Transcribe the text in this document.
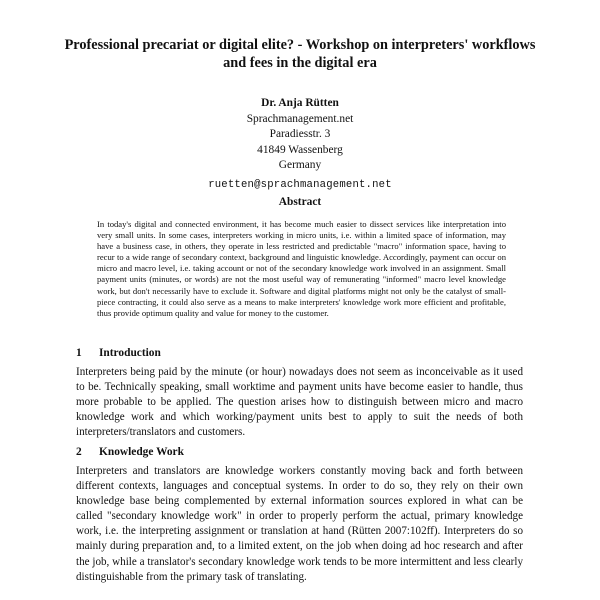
Professional precariat or digital elite? - Workshop on interpreters' workflows and fees in the digital era
Dr. Anja Rütten
Sprachmanagement.net
Paradiesstr. 3
41849 Wassenberg
Germany
ruetten@sprachmanagement.net
Abstract
In today's digital and connected environment, it has become much easier to dissect services like interpretation into very small units. In some cases, interpreters working in micro units, i.e. within a limited space of information, may have a business case, in others, they operate in less restricted and predictable "macro" information space, having to recur to a wide range of secondary context, background and linguistic knowledge. Accordingly, payment can occur on micro and macro level, i.e. taking account or not of the secondary knowledge work involved in an assignment. Small payment units (minutes, or words) are not the most useful way of remunerating "informed" macro level knowledge work, but don't necessarily have to exclude it. Software and digital platforms might not only be the catalyst of small-piece contracting, it could also serve as a means to make interpreters' knowledge work more efficient and profitable, thus provide optimum quality and value for money to the customer.
1 Introduction
Interpreters being paid by the minute (or hour) nowadays does not seem as inconceivable as it used to be. Technically speaking, small worktime and payment units have become easier to handle, thus more probable to be applied. The question arises how to distinguish between micro and macro knowledge work and which working/payment units best to apply to suit the needs of both interpreters/translators and customers.
2 Knowledge Work
Interpreters and translators are knowledge workers constantly moving back and forth between different contexts, languages and conceptual systems. In order to do so, they rely on their own knowledge base being complemented by external information sources explored in what can be called "secondary knowledge work" in order to properly perform the actual, primary knowledge work, i.e. the interpreting assignment or translation at hand (Rütten 2007:102ff). Interpreters do so mainly during preparation and, to a limited extent, on the job when doing ad hoc research and after the job, while a translator's secondary knowledge work tends to be more intermittent and less clearly distinguishable from the primary task of translating.
